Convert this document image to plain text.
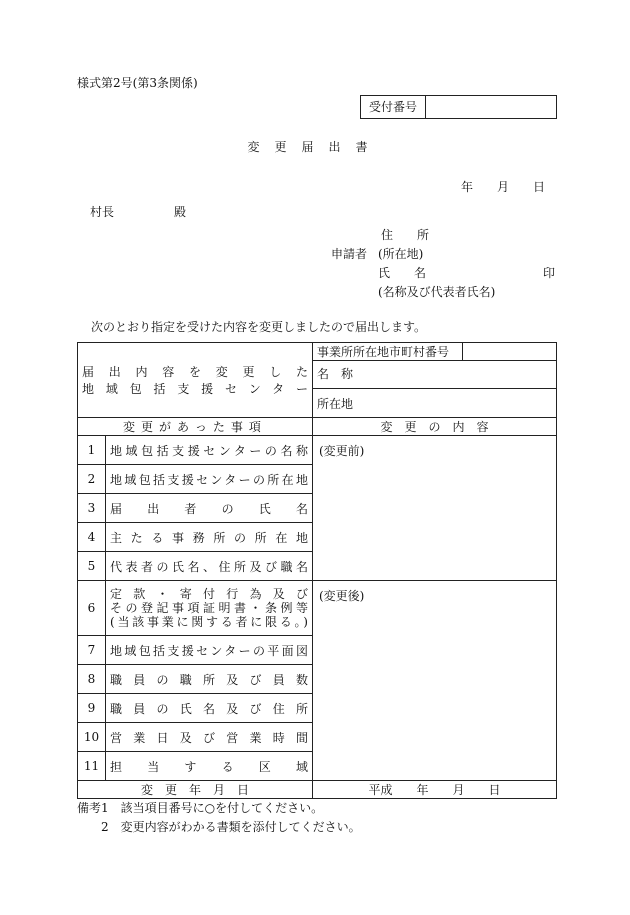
様式第2号(第3条関係)
受付番号
変更届出書
年　　月　　日
村長　　　　　殿
住　　所
申請者 (所在地)
氏　　名	印
(名称及び代表者氏名)
次のとおり指定を受けた内容を変更しましたので届出します。
届出内容を変更した
地域包括支援センター		事業所所在地市町村番号	
		名　称	
		所在地	
変更があった事項		変　更　の　内　容	
1	地域包括支援センターの名称	(変更前)	
2	地域包括支援センターの所在地		

3	届出者の氏名		

4	主たる事務所の所在地		

5	代表者の氏名、住所及び職名		

6	定款・寄付行為及び
その登記事項証明書・条例等
(当該事業に関する者に限る。)	(変更後)	
7	地域包括支援センターの平面図		

8	職員の職所及び員数		

9	職員の氏名及び住所		

10	営業日及び営業時間		

11	担当する区域		

変　更　年　月　日		平成　　年　　月　　日	
備考1　該当項目番号に○を付してください。
2　変更内容がわかる書類を添付してください。
